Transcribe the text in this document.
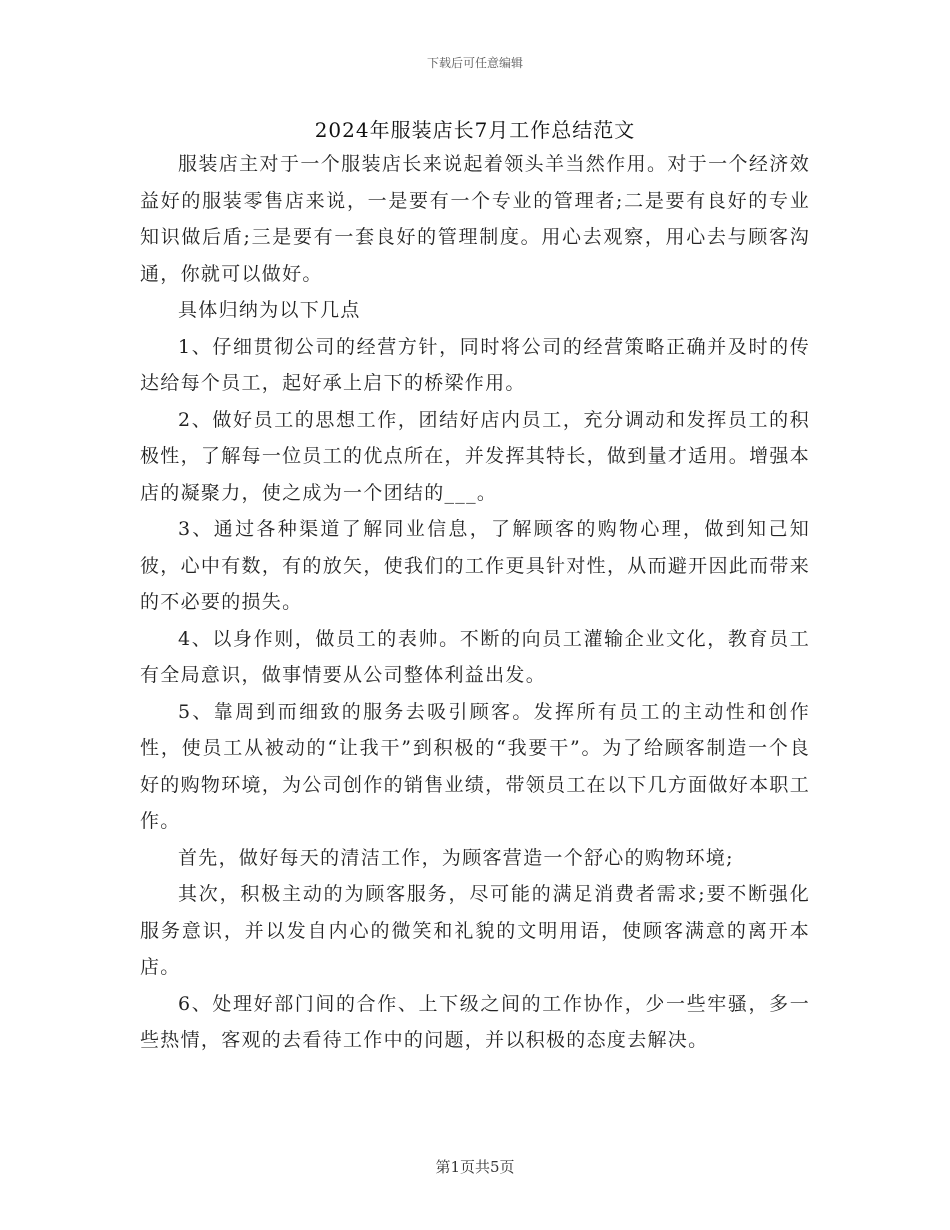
下载后可任意编辑
2024年服装店长7月工作总结范文

服装店主对于一个服装店长来说起着领头羊当然作用。对于一个经济效益好的服装零售店来说，一是要有一个专业的管理者;二是要有良好的专业知识做后盾;三是要有一套良好的管理制度。用心去观察，用心去与顾客沟通，你就可以做好。

具体归纳为以下几点

1、仔细贯彻公司的经营方针，同时将公司的经营策略正确并及时的传达给每个员工，起好承上启下的桥梁作用。

2、做好员工的思想工作，团结好店内员工，充分调动和发挥员工的积极性，了解每一位员工的优点所在，并发挥其特长，做到量才适用。增强本店的凝聚力，使之成为一个团结的___。

3、通过各种渠道了解同业信息，了解顾客的购物心理，做到知己知彼，心中有数，有的放矢，使我们的工作更具针对性，从而避开因此而带来的不必要的损失。

4、以身作则，做员工的表帅。不断的向员工灌输企业文化，教育员工有全局意识，做事情要从公司整体利益出发。

5、靠周到而细致的服务去吸引顾客。发挥所有员工的主动性和创作性，使员工从被动的“让我干”到积极的“我要干”。为了给顾客制造一个良好的购物环境，为公司创作的销售业绩，带领员工在以下几方面做好本职工作。

首先，做好每天的清洁工作，为顾客营造一个舒心的购物环境;

其次，积极主动的为顾客服务，尽可能的满足消费者需求;要不断强化服务意识，并以发自内心的微笑和礼貌的文明用语，使顾客满意的离开本店。

6、处理好部门间的合作、上下级之间的工作协作，少一些牢骚，多一些热情，客观的去看待工作中的问题，并以积极的态度去解决。

第1页共5页
